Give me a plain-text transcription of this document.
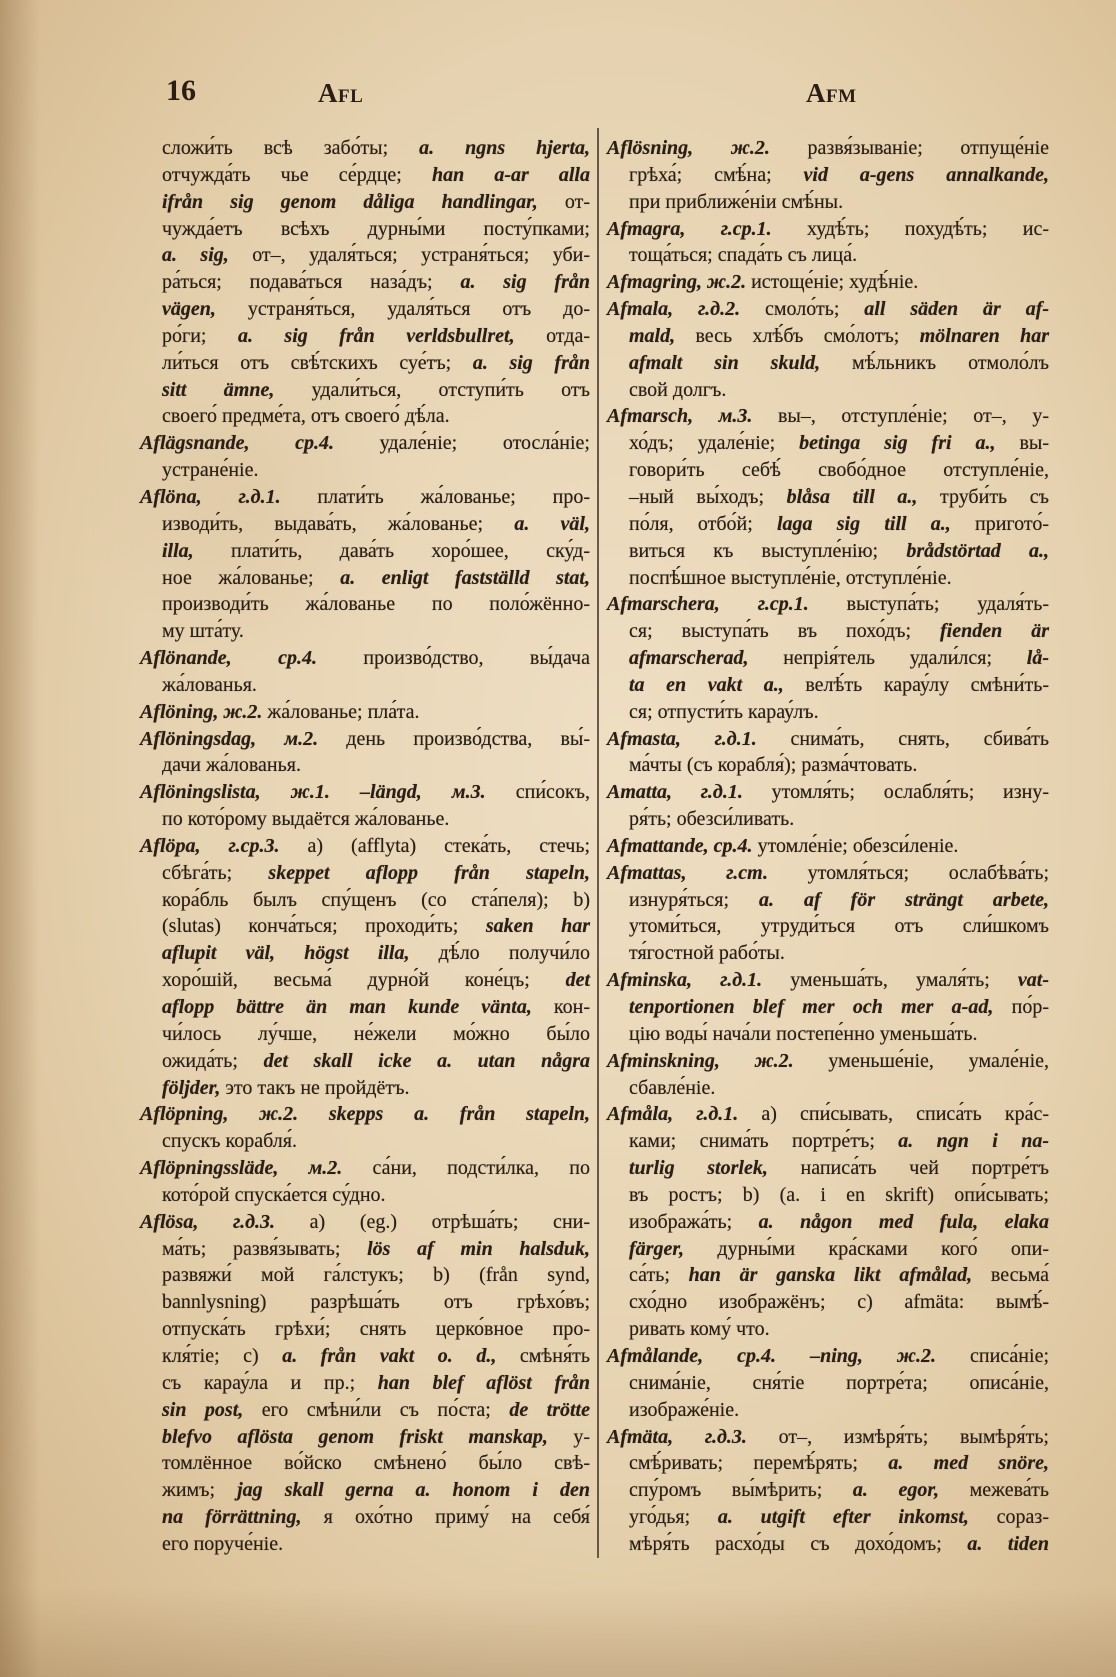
16	Afl	Afm
сложи́ть всѣ забо́ты; a. ngns hjerta,
отчужда́ть чье се́рдце; han a-ar alla
ifrån sig genom dåliga handlingar, от-
чужда́етъ всѣхъ дурны́ми посту́пками;
a. sig, от–, удаля́ться; устраня́ться; уби-
ра́ться; подава́ться наза́дъ; a. sig från
vägen, устраня́ться, удаля́ться отъ до-
ро́ги; a. sig från verldsbullret, отда-
ли́ться отъ свѣ́тскихъ суе́тъ; a. sig från
sitt ämne, удали́ться, отступи́ть отъ
своего́ предме́та, отъ своего́ дѣ́ла.
Aflägsnande, ср.4. удале́ніе; отосла́ніе;
устране́ніе.
Aflöna, г.д.1. плати́ть жа́лованье; про-
изводи́ть, выдава́ть, жа́лованье; a. väl,
illa, плати́ть, дава́ть хоро́шее, ску́д-
ное жа́лованье; a. enligt fastställd stat,
производи́ть жа́лованье по поло́жённо-
му шта́ту.
Aflönande, ср.4. произво́дство, вы́дача
жа́лованья.
Aflöning, ж.2. жа́лованье; пла́та.
Aflöningsdag, м.2. день произво́дства, вы́-
дачи жа́лованья.
Aflöningslista, ж.1. –längd, м.3. спи́сокъ,
по кото́рому выдаётся жа́лованье.
Aflöpa, г.ср.3. a) (afflyta) стека́ть, стечь;
сбѣга́ть; skeppet aflopp från stapeln,
кора́бль былъ спу́щенъ (со ста́пеля); b)
(slutas) конча́ться; проходи́ть; saken har
aflupit väl, högst illa, дѣ́ло получи́ло
хоро́шій, весьма́ дурно́й коне́цъ; det
aflopp bättre än man kunde vänta, кон-
чи́лось лу́чше, не́жели мо́жно бы́ло
ожида́ть; det skall icke a. utan några
följder, это такъ не пройдётъ.
Aflöpning, ж.2. skepps a. från stapeln,
спускъ корабля́.
Aflöpningssläde, м.2. са́ни, подсти́лка, по
кото́рой спуска́ется су́дно.
Aflösa, г.д.3. a) (eg.) отрѣша́ть; сни-
ма́ть; развя́зывать; lös af min halsduk,
развяжи́ мой га́лстукъ; b) (från synd,
bannlysning) разрѣша́ть отъ грѣхо́въ;
отпуска́ть грѣхи́; снять церко́вное про-
кля́тіе; c) a. från vakt o. d., смѣня́ть
съ карау́ла и пр.; han blef aflöst från
sin post, его смѣни́ли съ по́ста; de trötte
blefvo aflösta genom friskt manskap, у-
томлённое во́йско смѣнено́ бы́ло свѣ-
жимъ; jag skall gerna a. honom i den
na förrättning, я охо́тно приму́ на себя́
его поруче́ніе.
Aflösning, ж.2. развя́зываніе; отпуще́ніе
грѣха́; смѣ́на; vid a-gens annalkande,
при приближе́ніи смѣ́ны.
Afmagra, г.ср.1. худѣ́ть; похудѣ́ть; ис-
тоща́ться; спада́ть съ лица́.
Afmagring, ж.2. истоще́ніе; худѣ́ніе.
Afmala, г.д.2. смоло́ть; all säden är af-
mald, весь хлѣ́бъ смо́лотъ; mölnaren har
afmalt sin skuld, мѣ́льникъ отмоло́лъ
свой долгъ.
Afmarsch, м.3. вы–, отступле́ніе; от–, у-
хо́дъ; удале́ніе; betinga sig fri a., вы-
говори́ть себѣ́ свобо́дное отступле́ніе,
–ный вы́ходъ; blåsa till a., труби́ть съ
по́ля, отбо́й; laga sig till a., пригото́-
виться къ выступле́нію; brådstörtad a.,
поспѣ́шное выступле́ніе, отступле́ніе.
Afmarschera, г.ср.1. выступа́ть; удаля́ть-
ся; выступа́ть въ похо́дъ; fienden är
afmarscherad, непрія́тель удали́лся; lå-
ta en vakt a., велѣ́ть карау́лу смѣни́ть-
ся; отпусти́ть карау́лъ.
Afmasta, г.д.1. снима́ть, снять, сбива́ть
ма́чты (съ корабля́); разма́чтовать.
Amatta, г.д.1. утомля́ть; ослабля́ть; изну-
ря́ть; обезси́ливать.
Afmattande, ср.4. утомле́ніе; обезси́леніе.
Afmattas, г.ст. утомля́ться; ослабѣва́ть;
изнуря́ться; a. af för strängt arbete,
утоми́ться, утруди́ться отъ сли́шкомъ
тя́гостной рабо́ты.
Afminska, г.д.1. уменьша́ть, умаля́ть; vat-
tenportionen blef mer och mer a-ad, по́р-
цію воды́ нача́ли постепе́нно уменьша́ть.
Afminskning, ж.2. уменьше́ніе, умале́ніе,
сбавле́ніе.
Afmåla, г.д.1. a) спи́сывать, списа́ть кра́с-
ками; снима́ть портре́тъ; a. ngn i na-
turlig storlek, написа́ть чей портре́тъ
въ ростъ; b) (a. i en skrift) опи́сывать;
изобража́ть; a. någon med fula, elaka
färger, дурны́ми кра́сками кого́ опи-
са́ть; han är ganska likt afmålad, весьма́
схо́дно изображёнъ; c) afmäta: вымѣ́-
ривать кому́ что.
Afmålande, ср.4. –ning, ж.2. списа́ніе;
снима́ніе, сня́тіе портре́та; описа́ніе,
изображе́ніе.
Afmäta, г.д.3. от–, измѣря́ть; вымѣря́ть;
смѣ́ривать; перемѣ́рять; a. med snöre,
спу́ромъ вы́мѣрить; a. egor, межева́ть
уго́дья; a. utgift efter inkomst, сораз-
мѣря́ть расхо́ды съ дохо́домъ; a. tiden
